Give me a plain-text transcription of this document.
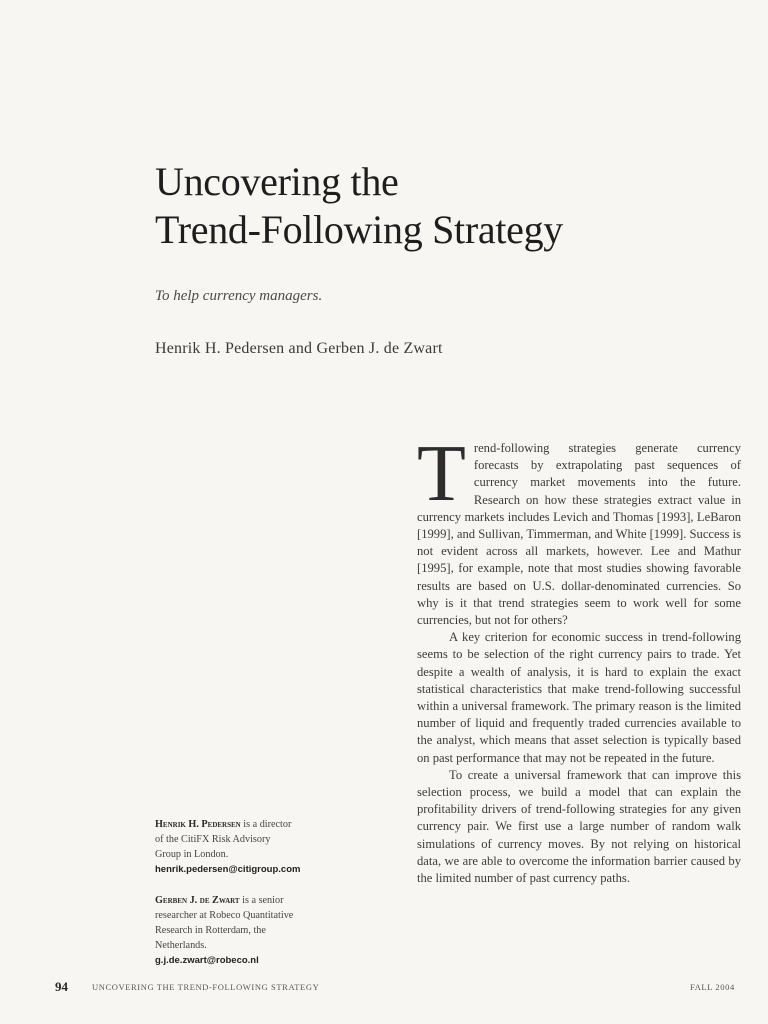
Uncovering the
Trend-Following Strategy

To help currency managers.

Henrik H. Pedersen and Gerben J. de Zwart

Trend-following strategies generate currency forecasts by extrapolating past sequences of currency market movements into the future. Research on how these strategies extract value in currency markets includes Levich and Thomas [1993], LeBaron [1999], and Sullivan, Timmerman, and White [1999]. Success is not evident across all markets, however. Lee and Mathur [1995], for example, note that most studies showing favorable results are based on U.S. dollar-denominated currencies. So why is it that trend strategies seem to work well for some currencies, but not for others?

A key criterion for economic success in trend-following seems to be selection of the right currency pairs to trade. Yet despite a wealth of analysis, it is hard to explain the exact statistical characteristics that make trend-following successful within a universal framework. The primary reason is the limited number of liquid and frequently traded currencies available to the analyst, which means that asset selection is typically based on past performance that may not be repeated in the future.

To create a universal framework that can improve this selection process, we build a model that can explain the profitability drivers of trend-following strategies for any given currency pair. We first use a large number of random walk simulations of currency moves. By not relying on historical data, we are able to overcome the information barrier caused by the limited number of past currency paths.

Henrik H. Pedersen is a director of the CitiFX Risk Advisory Group in London.
henrik.pedersen@citigroup.com

Gerben J. de Zwart is a senior researcher at Robeco Quantitative Research in Rotterdam, the Netherlands.
g.j.de.zwart@robeco.nl

94	UNCOVERING THE TREND-FOLLOWING STRATEGY	FALL 2004
